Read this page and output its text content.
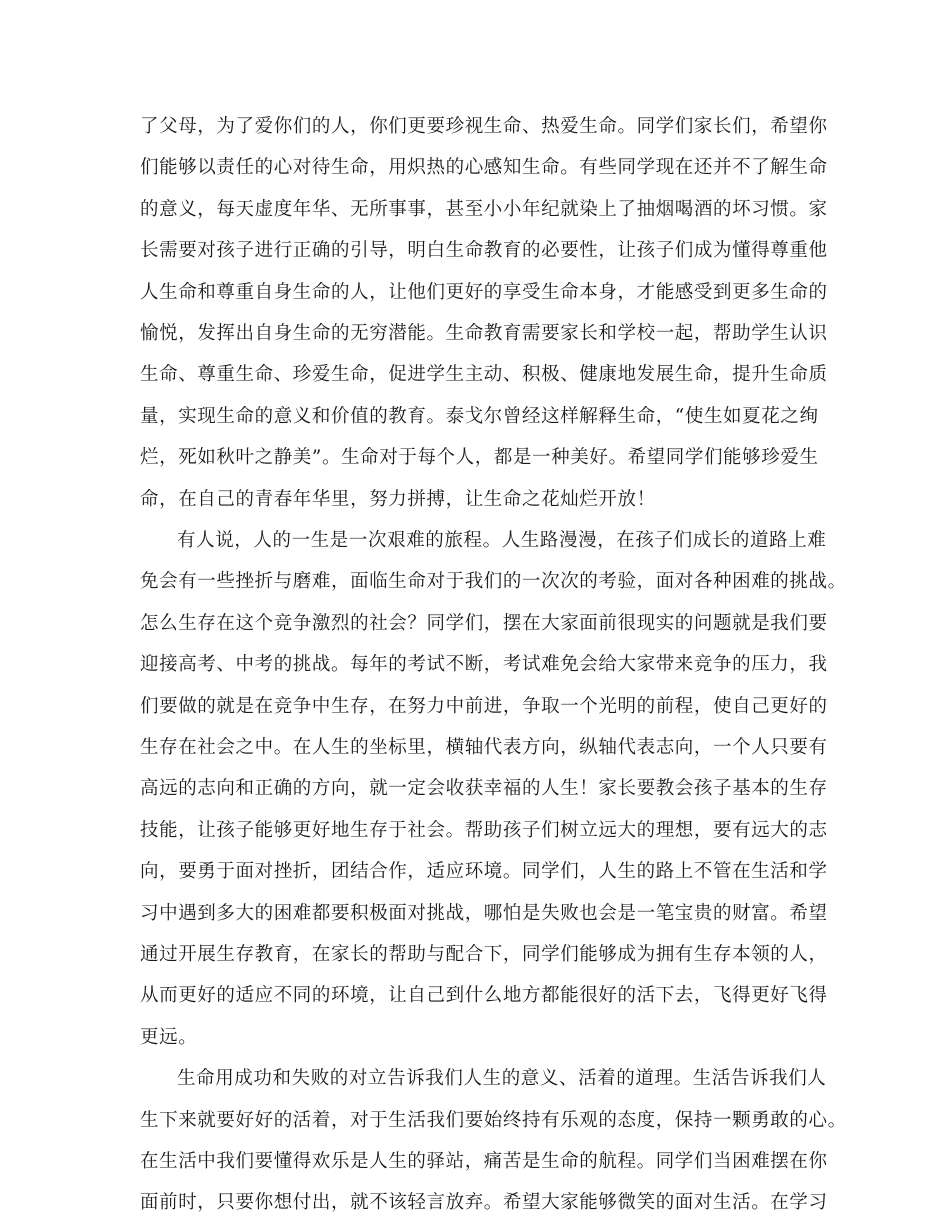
了父母，为了爱你们的人，你们更要珍视生命、热爱生命。同学们家长们，希望你
们能够以责任的心对待生命，用炽热的心感知生命。有些同学现在还并不了解生命
的意义，每天虚度年华、无所事事，甚至小小年纪就染上了抽烟喝酒的坏习惯。家
长需要对孩子进行正确的引导，明白生命教育的必要性，让孩子们成为懂得尊重他
人生命和尊重自身生命的人，让他们更好的享受生命本身，才能感受到更多生命的
愉悦，发挥出自身生命的无穷潜能。生命教育需要家长和学校一起，帮助学生认识
生命、尊重生命、珍爱生命，促进学生主动、积极、健康地发展生命，提升生命质
量，实现生命的意义和价值的教育。泰戈尔曾经这样解释生命，“使生如夏花之绚
烂，死如秋叶之静美”。生命对于每个人，都是一种美好。希望同学们能够珍爱生
命，在自己的青春年华里，努力拼搏，让生命之花灿烂开放！
有人说，人的一生是一次艰难的旅程。人生路漫漫，在孩子们成长的道路上难
免会有一些挫折与磨难，面临生命对于我们的一次次的考验，面对各种困难的挑战。
怎么生存在这个竞争激烈的社会？同学们，摆在大家面前很现实的问题就是我们要
迎接高考、中考的挑战。每年的考试不断，考试难免会给大家带来竞争的压力，我
们要做的就是在竞争中生存，在努力中前进，争取一个光明的前程，使自己更好的
生存在社会之中。在人生的坐标里，横轴代表方向，纵轴代表志向，一个人只要有
高远的志向和正确的方向，就一定会收获幸福的人生！家长要教会孩子基本的生存
技能，让孩子能够更好地生存于社会。帮助孩子们树立远大的理想，要有远大的志
向，要勇于面对挫折，团结合作，适应环境。同学们，人生的路上不管在生活和学
习中遇到多大的困难都要积极面对挑战，哪怕是失败也会是一笔宝贵的财富。希望
通过开展生存教育，在家长的帮助与配合下，同学们能够成为拥有生存本领的人，
从而更好的适应不同的环境，让自己到什么地方都能很好的活下去，飞得更好飞得
更远。
生命用成功和失败的对立告诉我们人生的意义、活着的道理。生活告诉我们人
生下来就要好好的活着，对于生活我们要始终持有乐观的态度，保持一颗勇敢的心。
在生活中我们要懂得欢乐是人生的驿站，痛苦是生命的航程。同学们当困难摆在你
面前时，只要你想付出，就不该轻言放弃。希望大家能够微笑的面对生活。在学习
